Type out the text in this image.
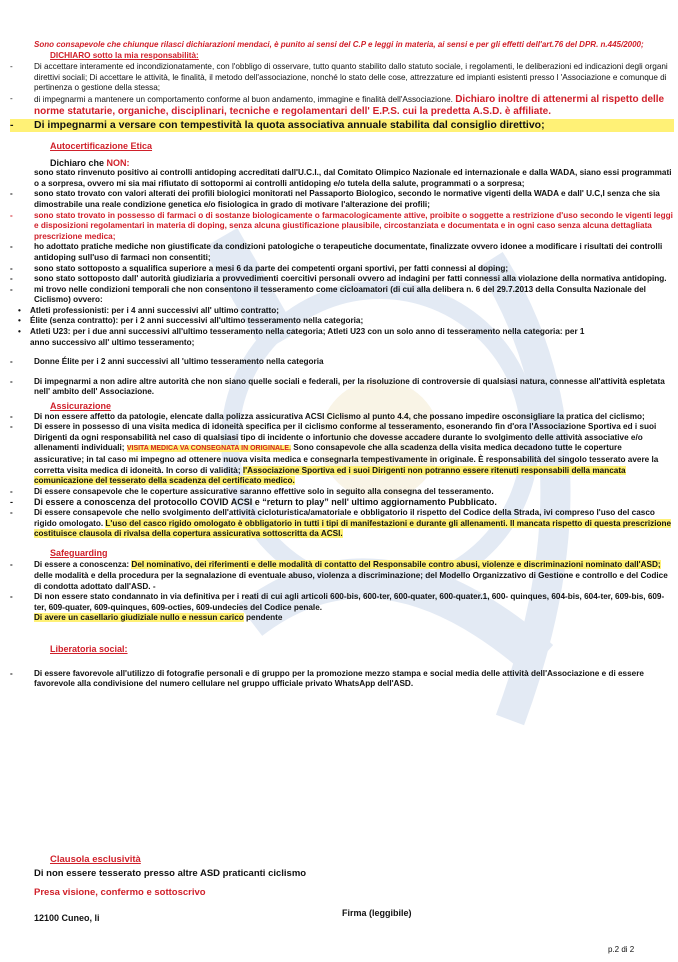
Sono consapevole che chiunque rilasci dichiarazioni mendaci, è punito ai sensi del C.P e leggi in materia, ai sensi e per gli effetti dell'art.76 del DPR. n.445/2000;
DICHIARO sotto la mia responsabilità:
-	Di accettare interamente ed incondizionatamente, con l'obbligo di osservare, tutto quanto stabilito dallo statuto sociale, i regolamenti, le deliberazioni ed indicazioni degli organi direttivi sociali; Di accettare le attività, le finalità, il metodo dell'associazione, nonché lo stato delle cose, attrezzature ed impianti esistenti presso l 'Associazione e comunque di pertinenza o gestione della stessa;
-	di impegnarmi a mantenere un comportamento conforme al buon andamento, immagine e finalità dell'Associazione. Dichiaro inoltre di attenermi al rispetto delle norme statutarie, organiche, disciplinari, tecniche e regolamentari dell' E.P.S. cui la predetta A.S.D. è affiliate.
-	Di impegnarmi a versare con tempestività la quota associativa annuale stabilita dal consiglio direttivo;
Autocertificazione Etica
Dichiaro che NON:
sono stato rinvenuto positivo ai controlli antidoping accreditati dall'U.C.I., dal Comitato Olimpico Nazionale ed internazionale e dalla WADA, siano essi programmati o a sorpresa, ovvero mi sia mai rifiutato di sottopormi ai controlli antidoping e/o tutela della salute, programmati o a sorpresa;
-	sono stato trovato con valori alterati dei profili biologici monitorati nel Passaporto Biologico, secondo le normative vigenti della WADA e dall' U.C,I senza che sia dimostrabile una reale condizione genetica e/o fisiologica in grado di motivare l'alterazione dei profili;
-	sono stato trovato in possesso di farmaci o di sostanze biologicamente o farmacologicamente attive, proibite o soggette a restrizione d'uso secondo le vigenti leggi e disposizioni regolamentari in materia di doping, senza alcuna giustificazione plausibile, circostanziata e documentata e in ogni caso senza alcuna dettagliata prescrizione medica;
-	ho adottato pratiche mediche non giustificate da condizioni patologiche o terapeutiche documentate, finalizzate ovvero idonee a modificare i risultati dei controlli antidoping sull'uso di farmaci non consentiti;
-	sono stato sottoposto a squalifica superiore a mesi 6 da parte dei competenti organi sportivi, per fatti connessi al doping;
-	sono stato sottoposto dall' autorità giudiziaria a provvedimenti coercitivi personali ovvero ad indagini per fatti connessi alla violazione della normativa antidoping.
-	mi trovo nelle condizioni temporali che non consentono il tesseramento come cicloamatori (di cui alla delibera n. 6 del 29.7.2013 della Consulta Nazionale del Ciclismo) ovvero:
• Atleti professionisti: per i 4 anni successivi all' ultimo contratto;
• Élite (senza contratto): per i 2 anni successivi all'ultimo tesseramento nella categoria;
• Atleti U23: per i due anni successivi all'ultimo tesseramento nella categoria; Atleti U23 con un solo anno di tesseramento nella categoria: per 1 anno successivo all' ultimo tesseramento;
-	Donne Élite per i 2 anni successivi all 'ultimo tesseramento nella categoria
-	Di impegnarmi a non adire altre autorità che non siano quelle sociali e federali, per la risoluzione di controversie di qualsiasi natura, connesse all'attività espletata nell' ambito dell' Associazione.
Assicurazione
-	Di non essere affetto da patologie, elencate dalla polizza assicurativa ACSI Ciclismo al punto 4.4, che possano impedire osconsigliare la pratica del ciclismo;
-	Di essere in possesso di una visita medica di idoneità specifica per il ciclismo conforme al tesseramento, esonerando fin d'ora l'Associazione Sportiva ed i suoi Dirigenti da ogni responsabilità nel caso di qualsiasi tipo di incidente o infortunio che dovesse accadere durante lo svolgimento delle attività associative e/o allenamenti individuali; VISITA MEDICA VA CONSEGNATA IN ORIGINALE. Sono consapevole che alla scadenza della visita medica decadono tutte le coperture assicurative; in tal caso mi impegno ad ottenere nuova visita medica e consegnarla tempestivamente in originale. È responsabilità del singolo tesserato avere la corretta visita medica di idoneità. In corso di validità; l'Associazione Sportiva ed i suoi Dirigenti non potranno essere ritenuti responsabili della mancata comunicazione del tesserato della scadenza del certificato medico.
-	Di essere consapevole che le coperture assicurative saranno effettive solo in seguito alla consegna del tesseramento.
-	Di essere a conoscenza del protocollo COVID ACSI e “return to play” nell' ultimo aggiornamento Pubblicato.
-	Di essere consapevole che nello svolgimento dell'attività cicloturistica/amatoriale e obbligatorio il rispetto del Codice della Strada, ivi compreso l'uso del casco rigido omologato. L'uso del casco rigido omologato è obbligatorio in tutti i tipi di manifestazioni e durante gli allenamenti. Il mancata rispetto di questa prescrizione costituisce clausola di rivalsa della copertura assicurativa sottoscritta da ACSI.
Safeguarding
-	Di essere a conoscenza: Del nominativo, dei riferimenti e delle modalità di contatto del Responsabile contro abusi, violenze e discriminazioni nominato dall'ASD; delle modalità e della procedura per la segnalazione di eventuale abuso, violenza a discriminazione; del Modello Organizzativo di Gestione e controllo e del Codice di condotta adottato dall'ASD. -
-	Di non essere stato condannato in via definitiva per i reati di cui agli articoli 600-bis, 600-ter, 600-quater, 600-quater.1, 600- quinques, 604-bis, 604-ter, 609-bis, 609-ter, 609-quater, 609-quinques, 609-octies, 609-undecies del Codice penale.
Di avere un casellario giudiziale nullo e nessun carico pendente
Liberatoria social:
-	Di essere favorevole all'utilizzo di fotografie personali e di gruppo per la promozione mezzo stampa e social media delle attività dell'Associazione e di essere favorevole alla condivisione del numero cellulare nel gruppo ufficiale privato WhatsApp dell'ASD.
Clausola esclusività
Di non essere tesserato presso altre ASD praticanti ciclismo
Presa visione, confermo e sottoscrivo
12100 Cuneo, li	Firma (leggibile)
p.2 di 2
